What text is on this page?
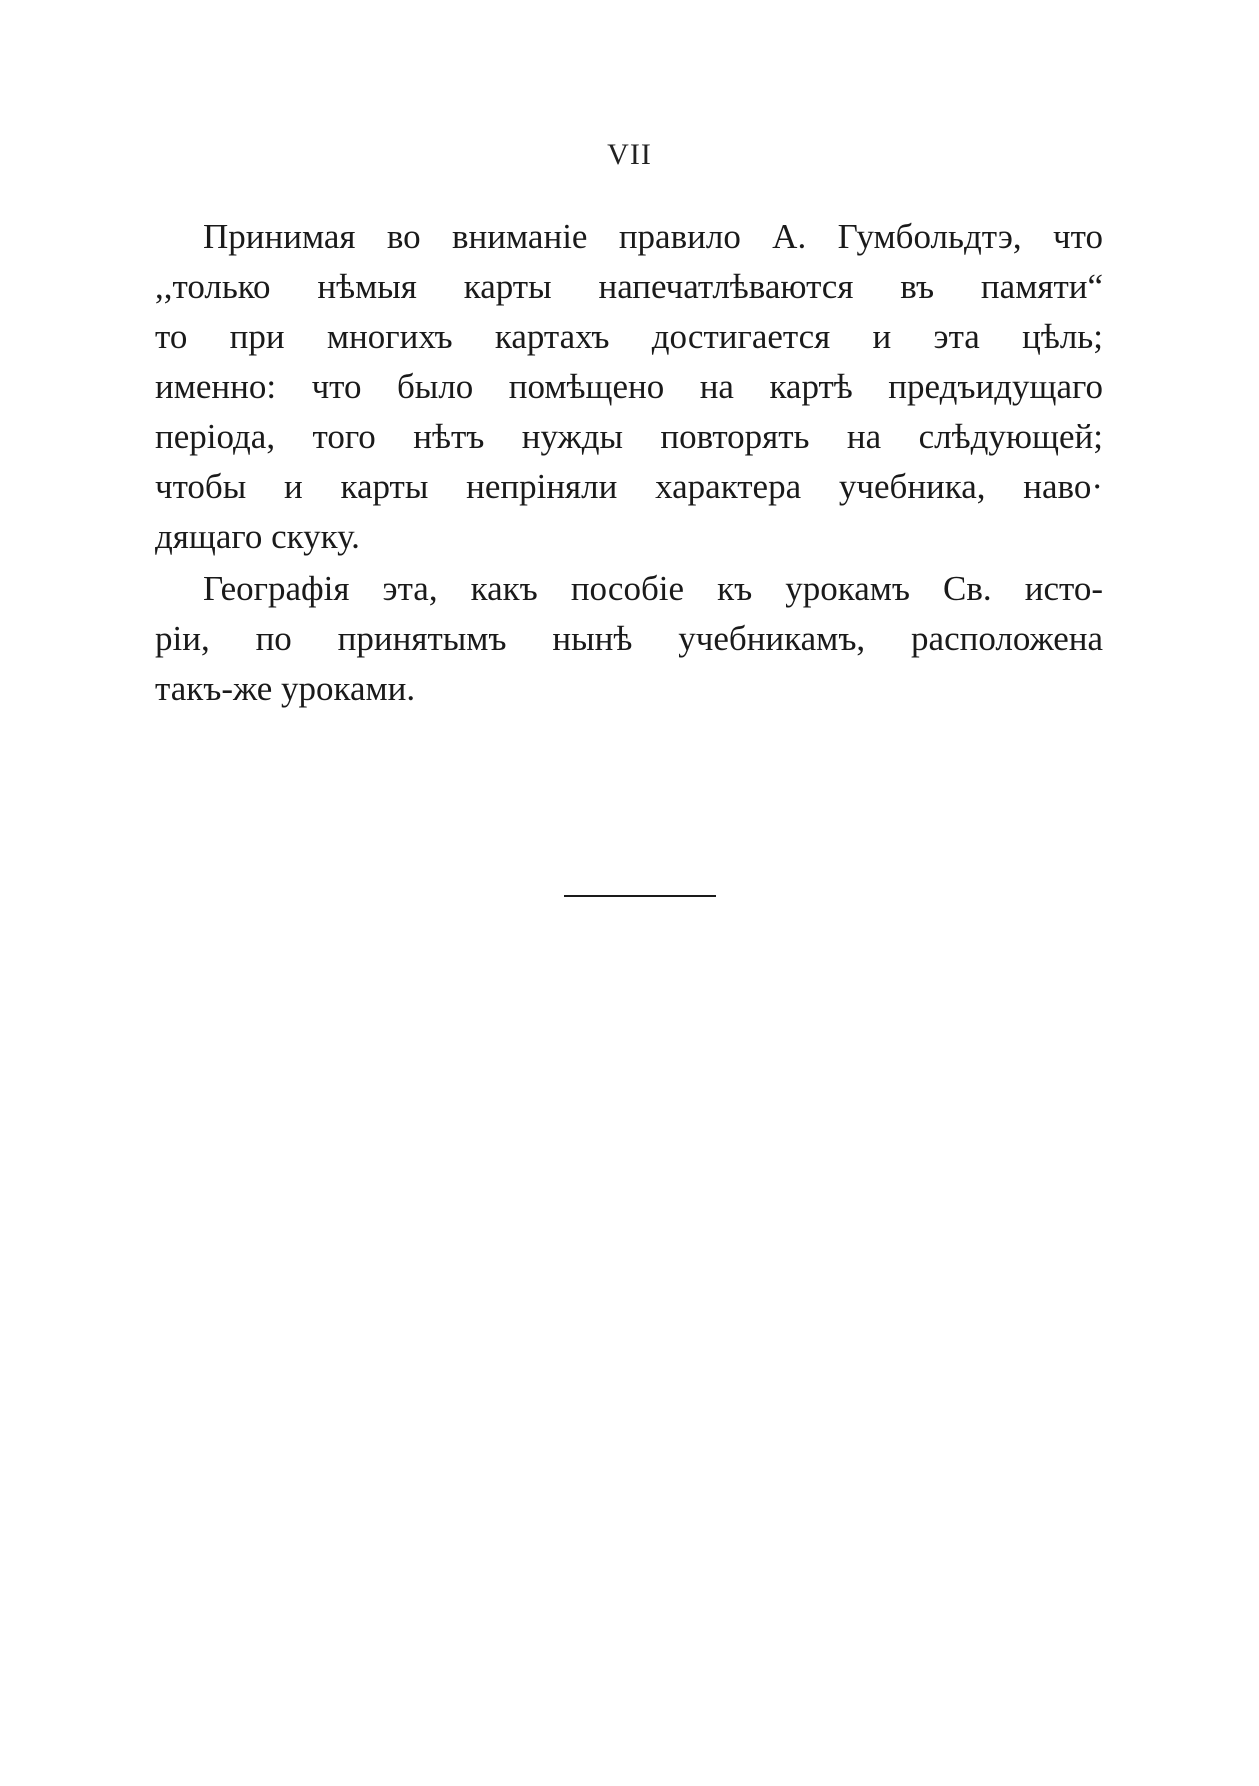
VII
Принимая во вниманіе правило А. Гумбольдтэ, что
,,только нѣмыя карты напечатлѣваются въ памяти“
то при многихъ картахъ достигается и эта цѣль;
именно: что было помѣщено на картѣ предъидущаго
періода, того нѣтъ нужды повторять на слѣдующей;
чтобы и карты непріняли характера учебника, наво·
дящаго скуку.
Географія эта, какъ пособіе къ урокамъ Св. исто-
ріи, по принятымъ нынѣ учебникамъ, расположена
такъ-же уроками.
